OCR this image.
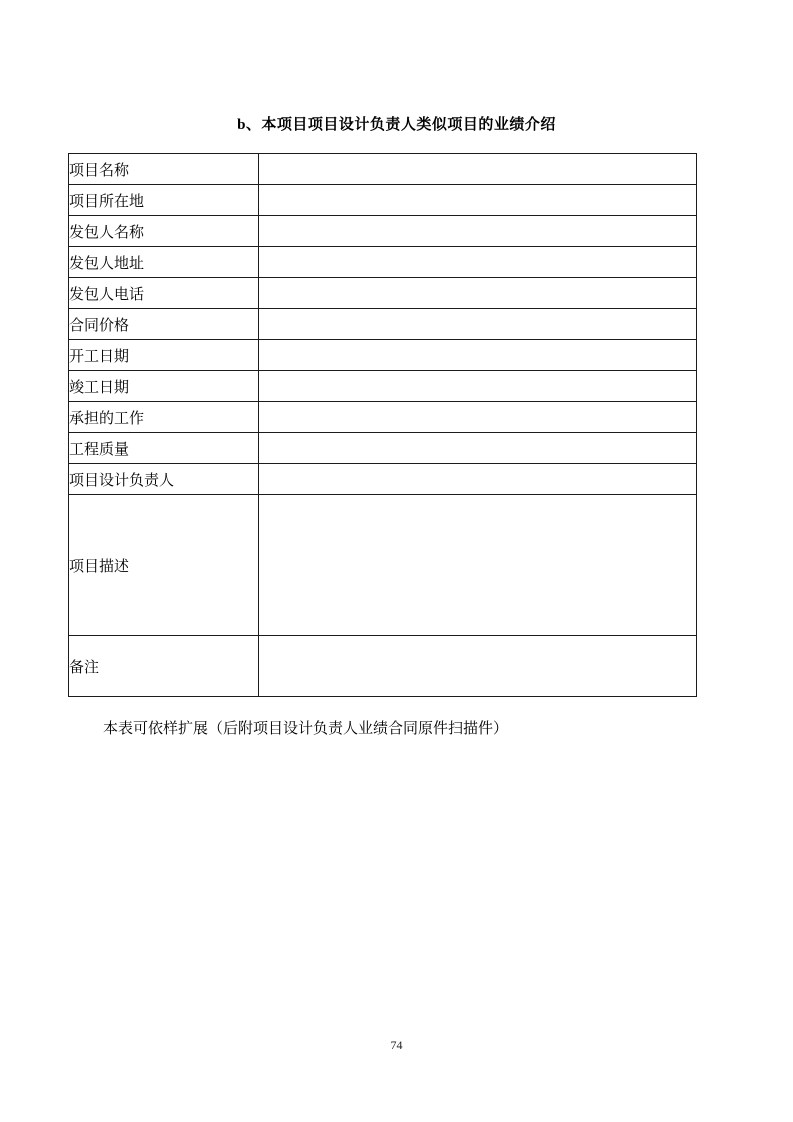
b、本项目项目设计负责人类似项目的业绩介绍
项目名称	
项目所在地	
发包人名称	
发包人地址	
发包人电话	
合同价格	
开工日期	
竣工日期	
承担的工作	
工程质量	
项目设计负责人	
项目描述	
备注	
本表可依样扩展（后附项目设计负责人业绩合同原件扫描件）
74
